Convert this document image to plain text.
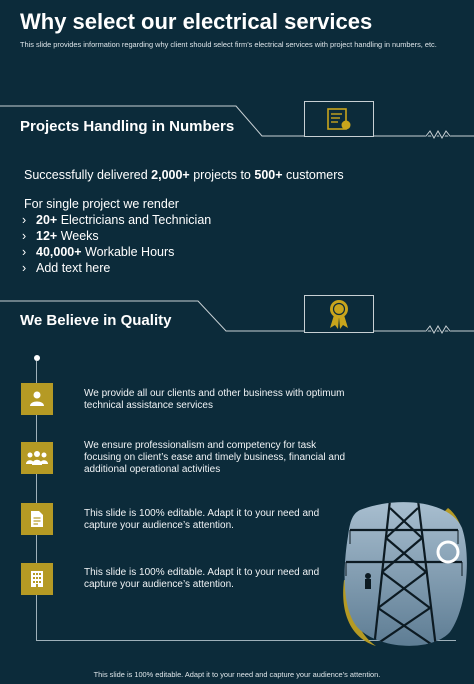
Why select our electrical services
This slide provides information regarding why client should select firm’s electrical services with project handling in numbers, etc.
Projects Handling in Numbers
Successfully delivered 2,000+ projects to 500+ customers
For single project we render
› 20+ Electricians and Technician
› 12+ Weeks
› 40,000+ Workable Hours
› Add text here
We Believe in Quality
We provide all our clients and other business with optimum technical assistance services
We ensure professionalism and competency for task focusing on client’s ease and timely business, financial and additional operational activities
This slide is 100% editable. Adapt it to your need and capture your audience’s attention.
This slide is 100% editable. Adapt it to your need and capture your audience’s attention.
This slide is 100% editable. Adapt it to your need and capture your audience’s attention.
